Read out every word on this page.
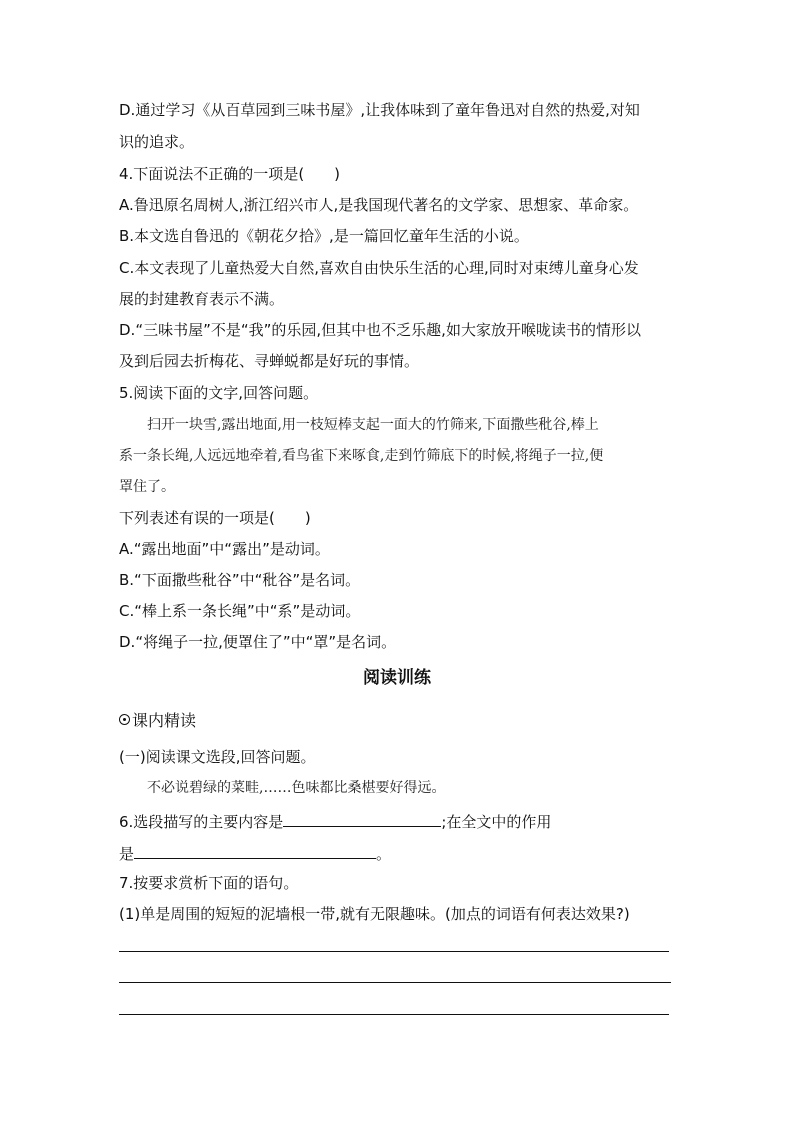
D.通过学习《从百草园到三味书屋》,让我体味到了童年鲁迅对自然的热爱,对知
识的追求。
4.下面说法不正确的一项是(　　)
A.鲁迅原名周树人,浙江绍兴市人,是我国现代著名的文学家、思想家、革命家。
B.本文选自鲁迅的《朝花夕拾》,是一篇回忆童年生活的小说。
C.本文表现了儿童热爱大自然,喜欢自由快乐生活的心理,同时对束缚儿童身心发
展的封建教育表示不满。
D.“三味书屋”不是“我”的乐园,但其中也不乏乐趣,如大家放开喉咙读书的情形以
及到后园去折梅花、寻蝉蜕都是好玩的事情。
5.阅读下面的文字,回答问题。
扫开一块雪,露出地面,用一枝短棒支起一面大的竹筛来,下面撒些秕谷,棒上
系一条长绳,人远远地牵着,看鸟雀下来啄食,走到竹筛底下的时候,将绳子一拉,便
罩住了。
下列表述有误的一项是(　　)
A.“露出地面”中“露出”是动词。
B.“下面撒些秕谷”中“秕谷”是名词。
C.“棒上系一条长绳”中“系”是动词。
D.“将绳子一拉,便罩住了”中“罩”是名词。
阅读训练
课内精读
(一)阅读课文选段,回答问题。
不必说碧绿的菜畦,……色味都比桑椹要好得远。
6.选段描写的主要内容是	;在全文中的作用
是	。
7.按要求赏析下面的语句。
(1)单是周围的短短的泥墙根一带,就有无限趣味。(加点的词语有何表达效果?)
